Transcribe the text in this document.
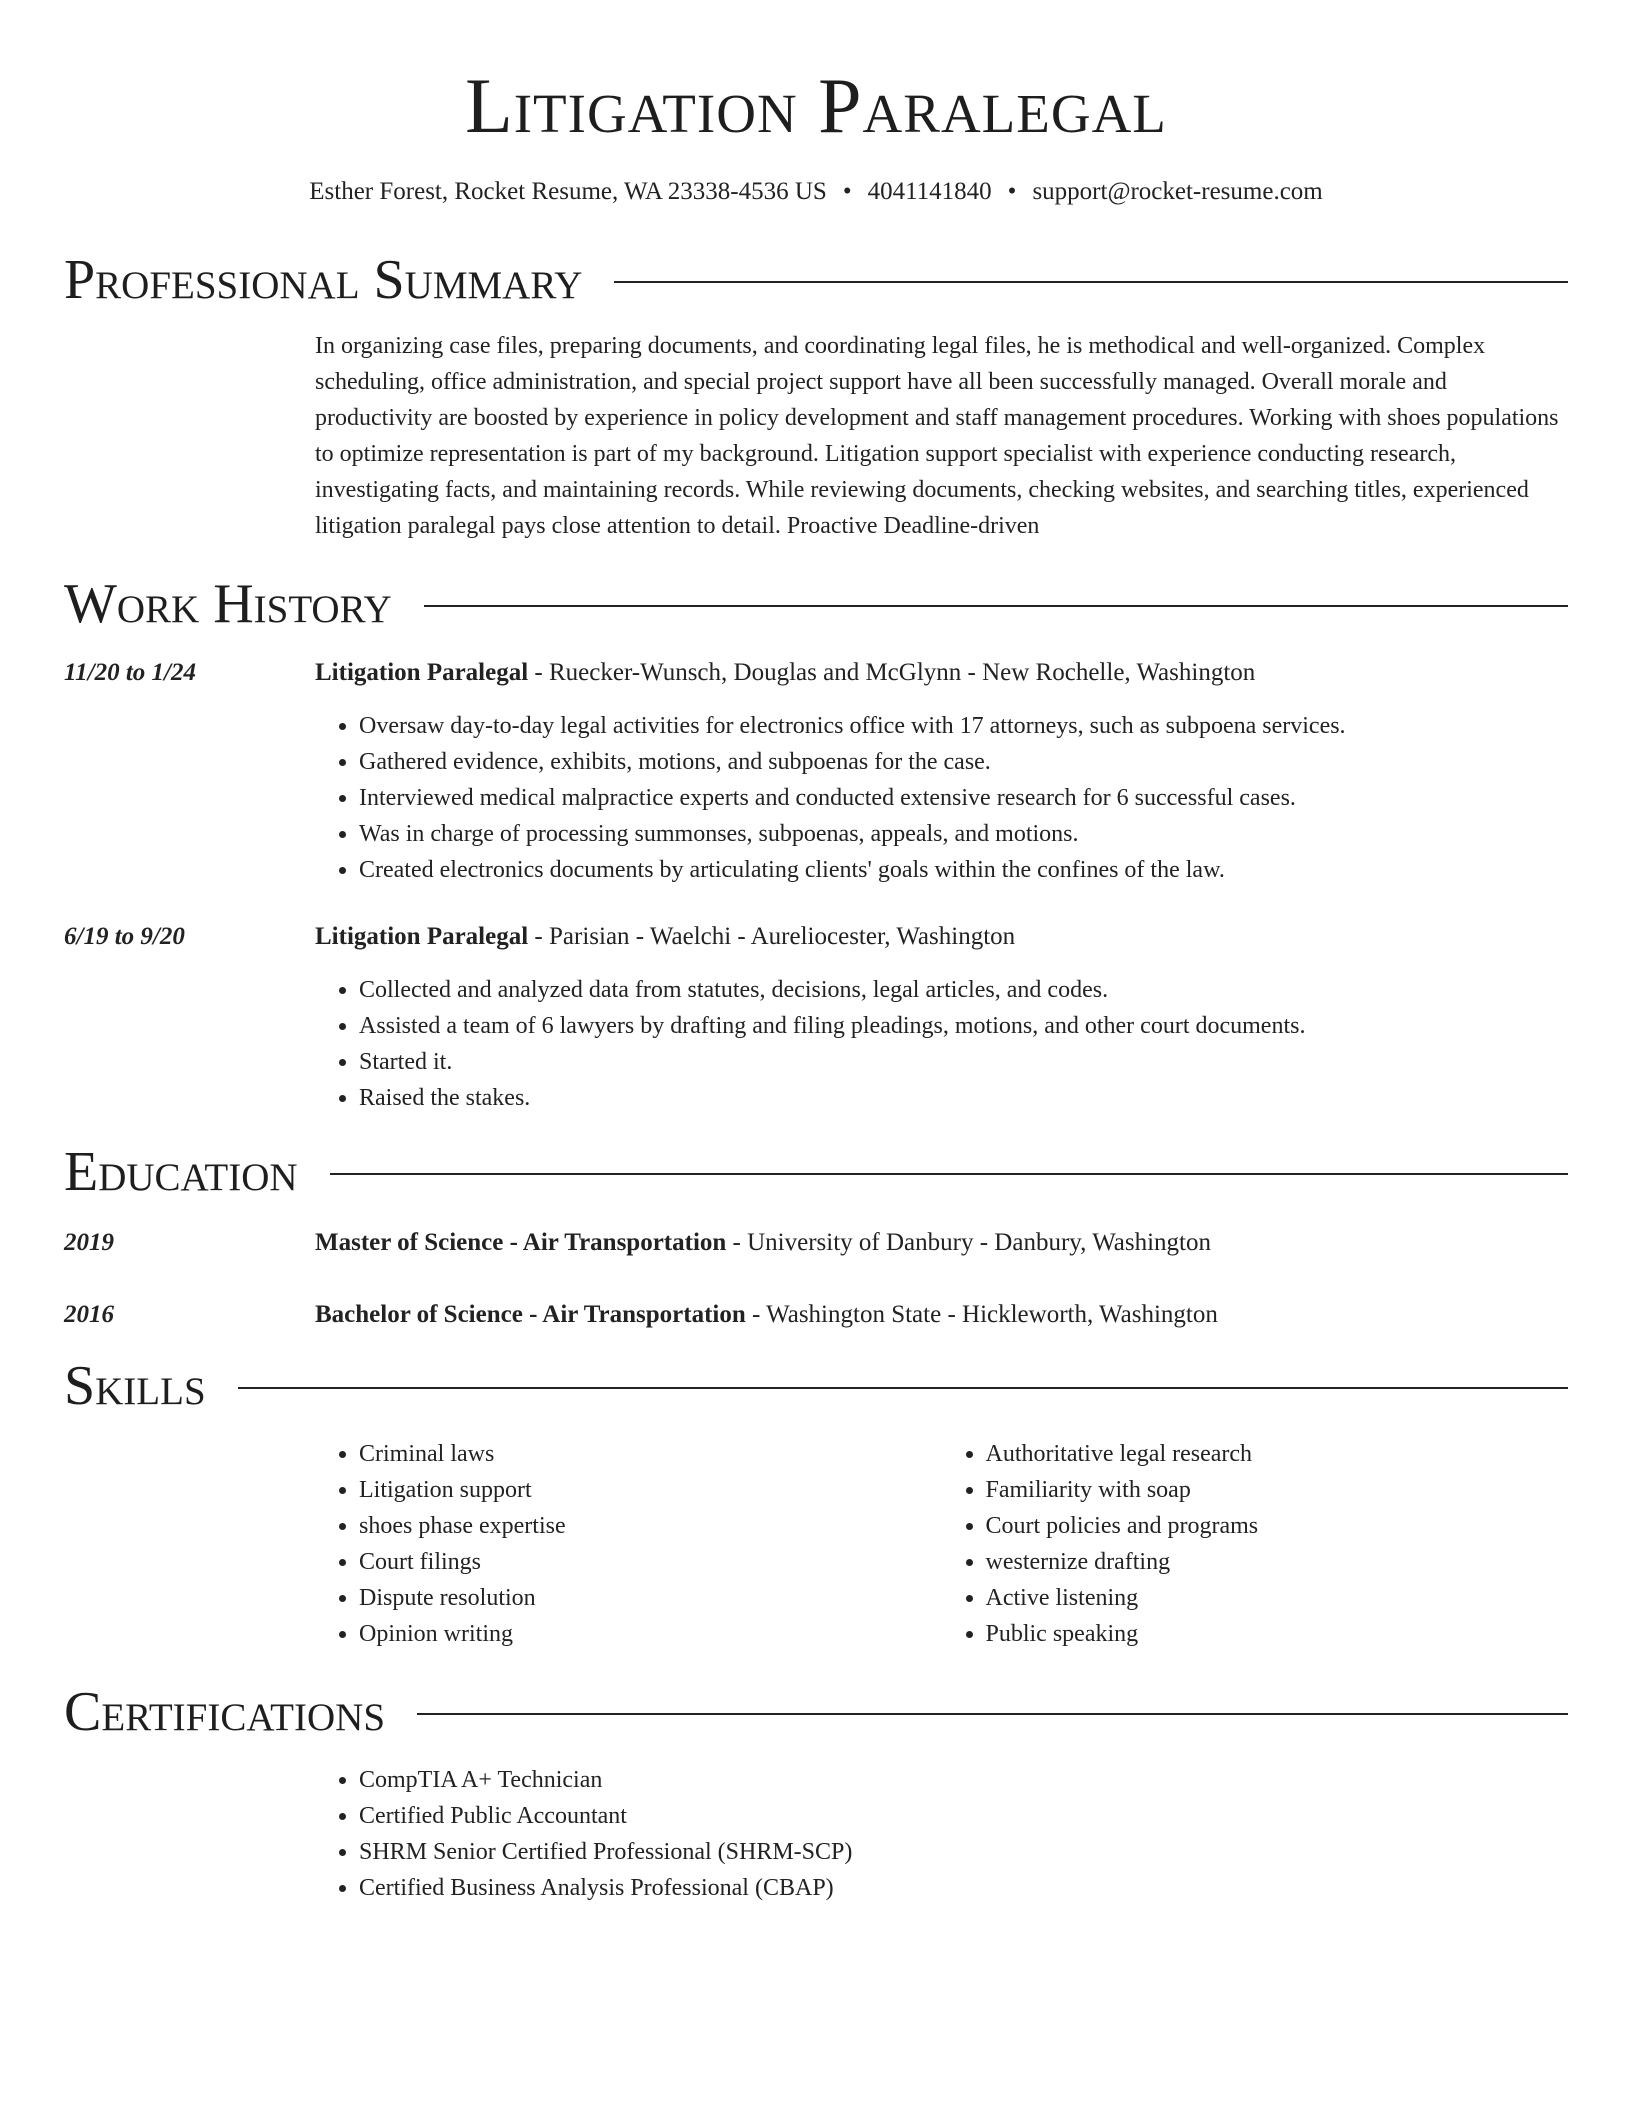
Litigation Paralegal
Esther Forest, Rocket Resume, WA 23338-4536 US • 4041141840 • support@rocket-resume.com
Professional Summary
In organizing case files, preparing documents, and coordinating legal files, he is methodical and well-organized. Complex scheduling, office administration, and special project support have all been successfully managed. Overall morale and productivity are boosted by experience in policy development and staff management procedures. Working with shoes populations to optimize representation is part of my background. Litigation support specialist with experience conducting research, investigating facts, and maintaining records. While reviewing documents, checking websites, and searching titles, experienced litigation paralegal pays close attention to detail. Proactive Deadline-driven
Work History
11/20 to 1/24	Litigation Paralegal - Ruecker-Wunsch, Douglas and McGlynn - New Rochelle, Washington
• Oversaw day-to-day legal activities for electronics office with 17 attorneys, such as subpoena services.
• Gathered evidence, exhibits, motions, and subpoenas for the case.
• Interviewed medical malpractice experts and conducted extensive research for 6 successful cases.
• Was in charge of processing summonses, subpoenas, appeals, and motions.
• Created electronics documents by articulating clients' goals within the confines of the law.
6/19 to 9/20	Litigation Paralegal - Parisian - Waelchi - Aureliocester, Washington
• Collected and analyzed data from statutes, decisions, legal articles, and codes.
• Assisted a team of 6 lawyers by drafting and filing pleadings, motions, and other court documents.
• Started it.
• Raised the stakes.
Education
2019	Master of Science - Air Transportation - University of Danbury - Danbury, Washington
2016	Bachelor of Science - Air Transportation - Washington State - Hickleworth, Washington
Skills
• Criminal laws
• Litigation support
• shoes phase expertise
• Court filings
• Dispute resolution
• Opinion writing
• Authoritative legal research
• Familiarity with soap
• Court policies and programs
• westernize drafting
• Active listening
• Public speaking
Certifications
• CompTIA A+ Technician
• Certified Public Accountant
• SHRM Senior Certified Professional (SHRM-SCP)
• Certified Business Analysis Professional (CBAP)
